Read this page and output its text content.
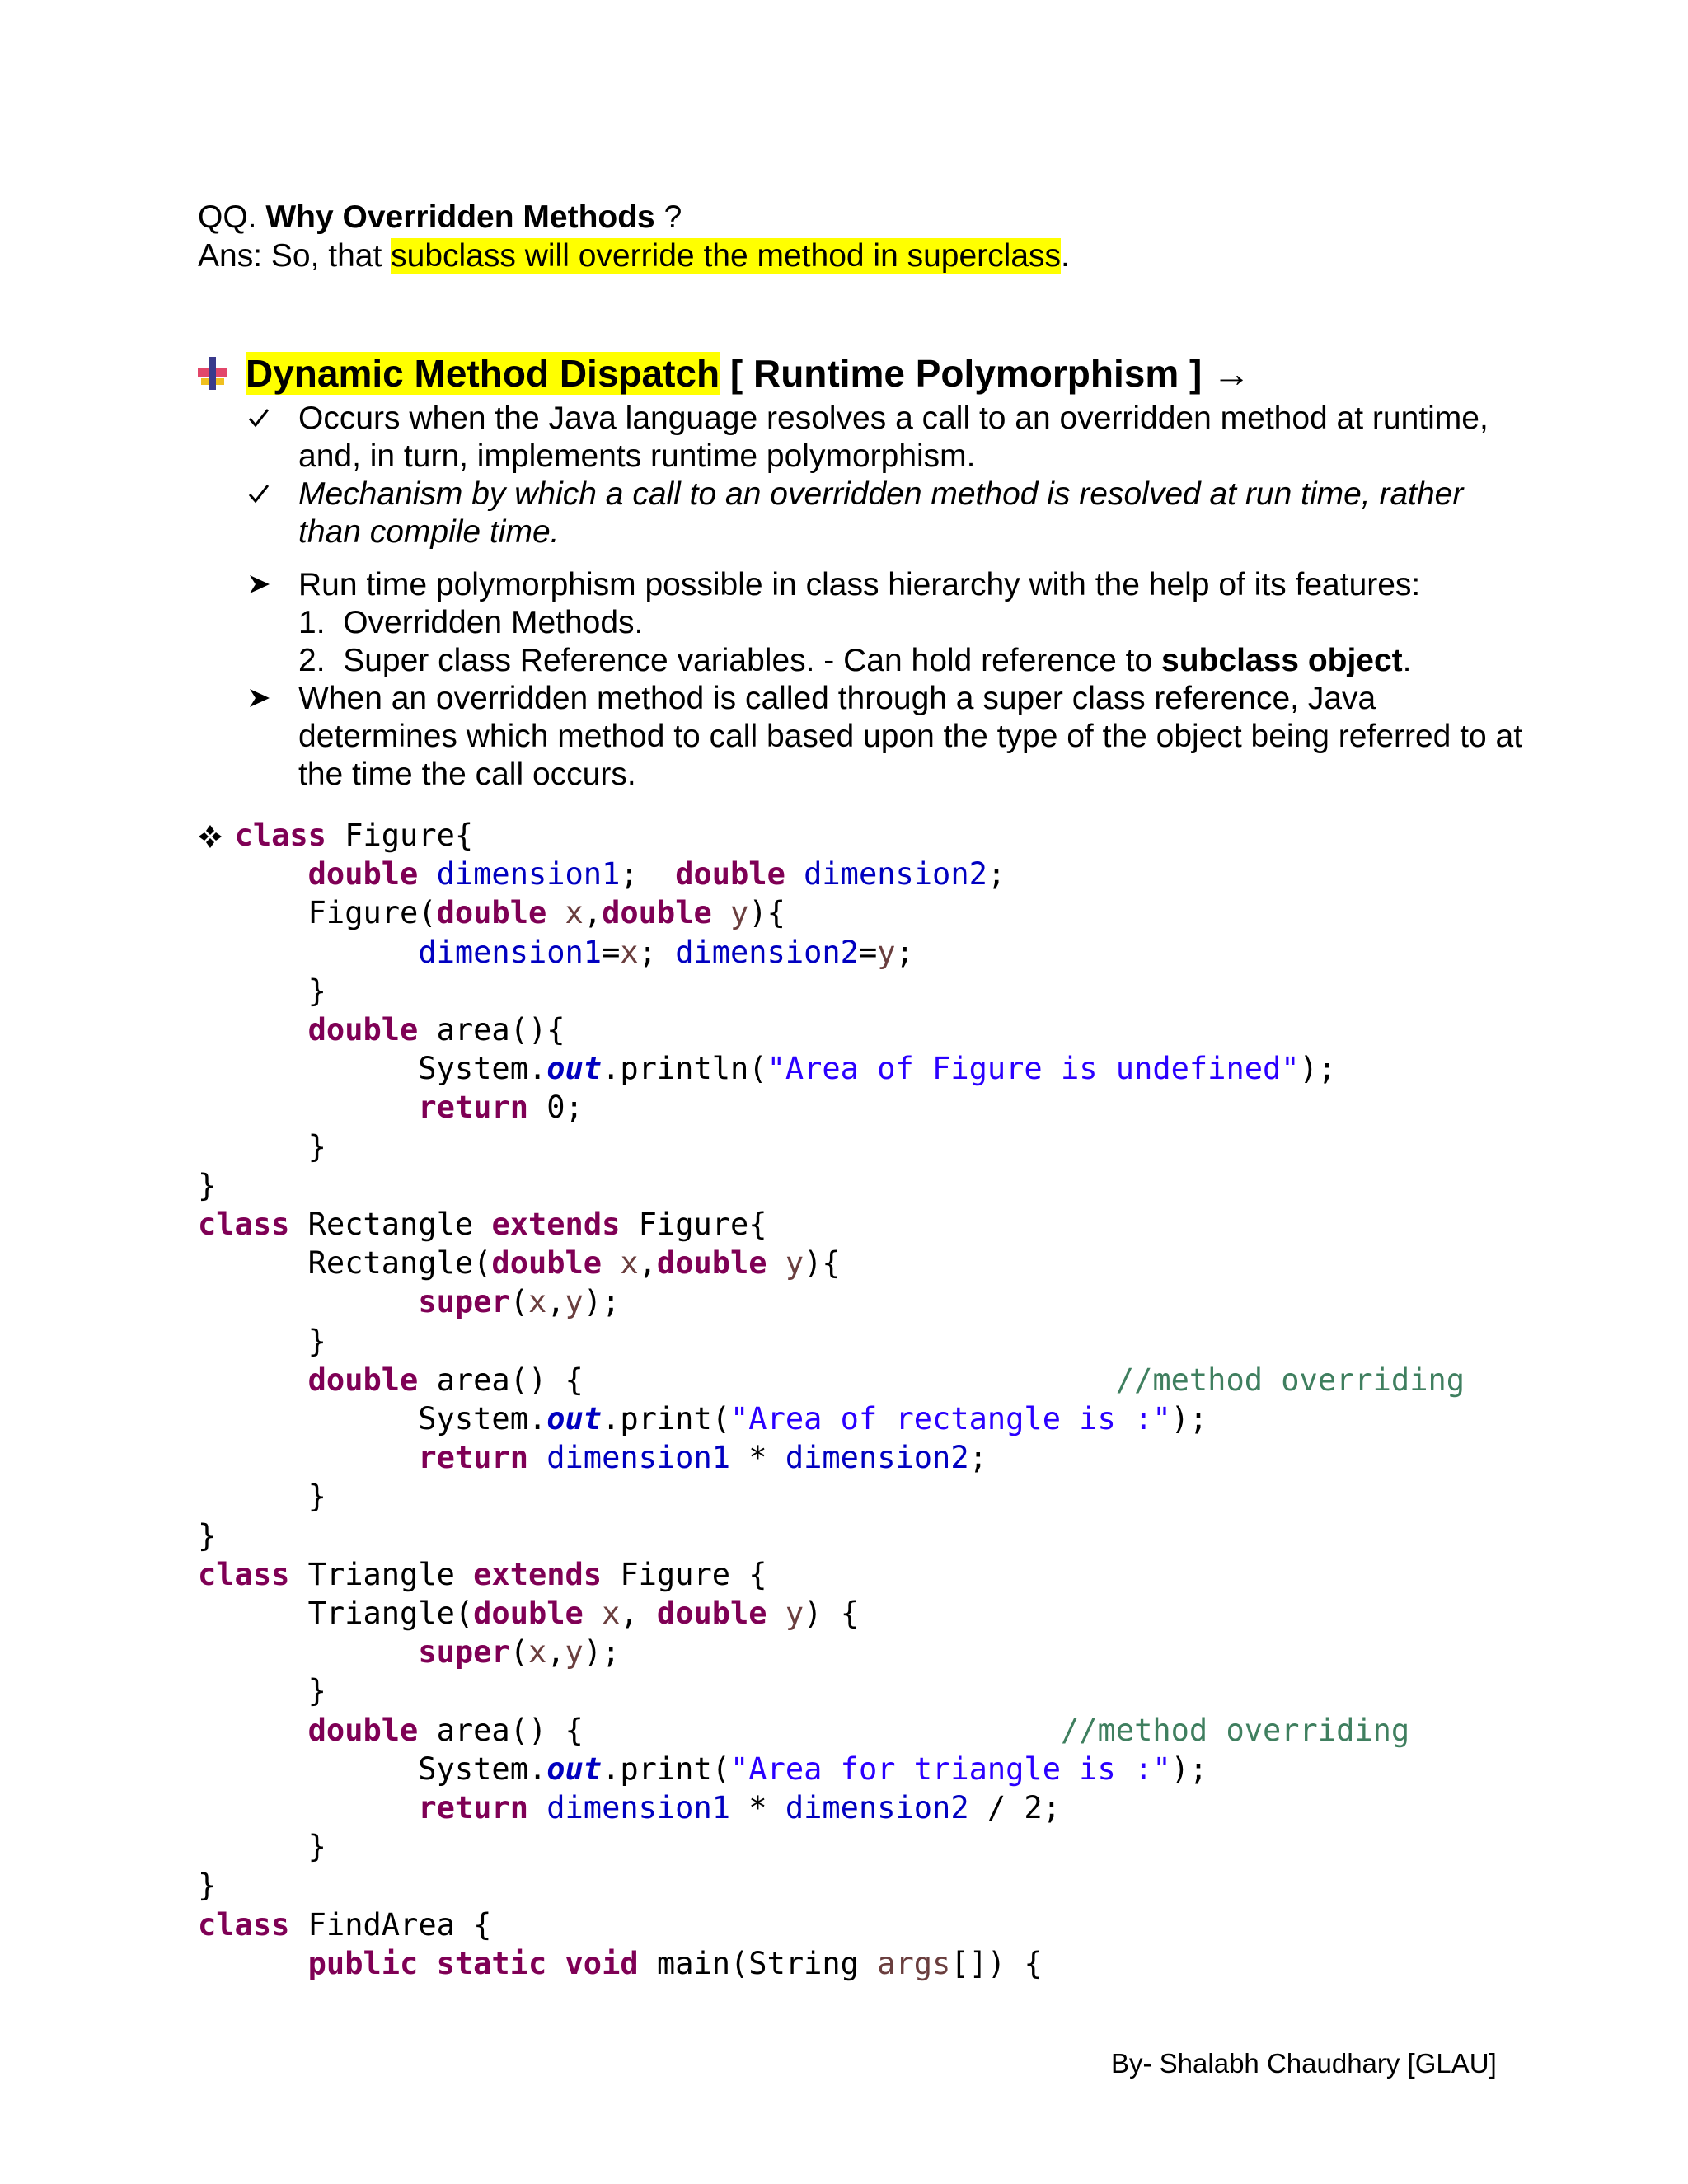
QQ. Why Overridden Methods ?
Ans: So, that subclass will override the method in superclass.
Dynamic Method Dispatch [ Runtime Polymorphism ] →
Occurs when the Java language resolves a call to an overridden method at runtime, and, in turn, implements runtime polymorphism.
Mechanism by which a call to an overridden method is resolved at run time, rather than compile time.
Run time polymorphism possible in class hierarchy with the help of its features:
1.  Overridden Methods.
2.  Super class Reference variables. - Can hold reference to subclass object.
When an overridden method is called through a super class reference, Java determines which method to call based upon the type of the object being referred to at the time the call occurs.
class Figure{
double dimension1;  double dimension2;
Figure(double x,double y){
dimension1=x; dimension2=y;
}
double area(){
System.out.println("Area of Figure is undefined");
return 0;
}
}
class Rectangle extends Figure{
Rectangle(double x,double y){
super(x,y);
}
double area() {                             //method overriding
System.out.print("Area of rectangle is :");
return dimension1 * dimension2;
}
}
class Triangle extends Figure {
Triangle(double x, double y) {
super(x,y);
}
double area() {                          //method overriding
System.out.print("Area for triangle is :");
return dimension1 * dimension2 / 2;
}
}
class FindArea {
public static void main(String args[]) {
By- Shalabh Chaudhary [GLAU]
